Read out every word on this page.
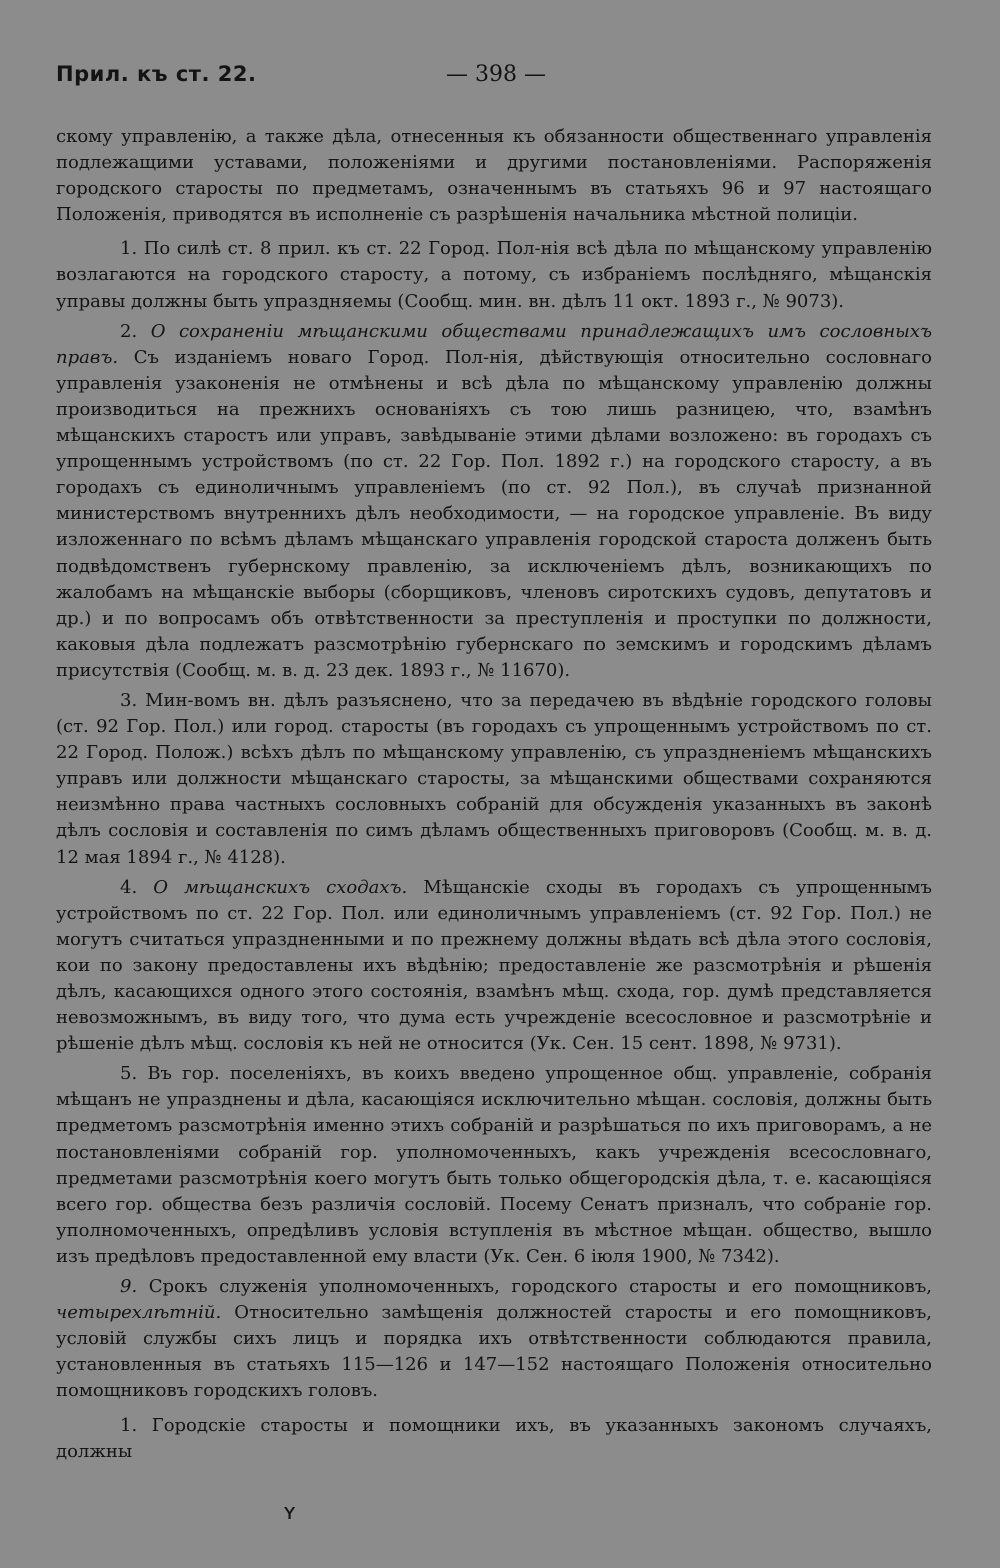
Прил. къ ст. 22.	— 398 —

скому управленію, а также дѣла, отнесенныя къ обязанности общественнаго управленія подлежащими уставами, положеніями и другими постановленіями. Распоряженія городского старосты по предметамъ, означеннымъ въ статьяхъ 96 и 97 настоящаго Положенія, приводятся въ исполненіе съ разрѣшенія начальника мѣстной полиціи.

1. По силѣ ст. 8 прил. къ ст. 22 Город. Пол-нія всѣ дѣла по мѣщанскому управленію возлагаются на городского старосту, а потому, съ избраніемъ послѣдняго, мѣщанскія управы должны быть упраздняемы (Сообщ. мин. вн. дѣлъ 11 окт. 1893 г., № 9073).

2. О сохраненіи мѣщанскими обществами принадлежащихъ имъ сословныхъ правъ. Съ изданіемъ новаго Город. Пол-нія, дѣйствующія относительно сословнаго управленія узаконенія не отмѣнены и всѣ дѣла по мѣщанскому управленію должны производиться на прежнихъ основаніяхъ съ тою лишь разницею, что, взамѣнъ мѣщанскихъ старостъ или управъ, завѣдываніе этими дѣлами возложено: въ городахъ съ упрощеннымъ устройствомъ (по ст. 22 Гор. Пол. 1892 г.) на городского старосту, а въ городахъ съ единоличнымъ управленіемъ (по ст. 92 Пол.), въ случаѣ признанной министерствомъ внутреннихъ дѣлъ необходимости, — на городское управленіе. Въ виду изложеннаго по всѣмъ дѣламъ мѣщанскаго управленія городской староста долженъ быть подвѣдомственъ губернскому правленію, за исключеніемъ дѣлъ, возникающихъ по жалобамъ на мѣщанскіе выборы (сборщиковъ, членовъ сиротскихъ судовъ, депутатовъ и др.) и по вопросамъ объ отвѣтственности за преступленія и проступки по должности, каковыя дѣла подлежатъ разсмотрѣнію губернскаго по земскимъ и городскимъ дѣламъ присутствія (Сообщ. м. в. д. 23 дек. 1893 г., № 11670).

3. Мин-вомъ вн. дѣлъ разъяснено, что за передачею въ вѣдѣніе городского головы (ст. 92 Гор. Пол.) или город. старосты (въ городахъ съ упрощеннымъ устройствомъ по ст. 22 Город. Полож.) всѣхъ дѣлъ по мѣщанскому управленію, съ упраздненіемъ мѣщанскихъ управъ или должности мѣщанскаго старосты, за мѣщанскими обществами сохраняются неизмѣнно права частныхъ сословныхъ собраній для обсужденія указанныхъ въ законѣ дѣлъ сословія и составленія по симъ дѣламъ общественныхъ приговоровъ (Сообщ. м. в. д. 12 мая 1894 г., № 4128).

4. О мѣщанскихъ сходахъ. Мѣщанскіе сходы въ городахъ съ упрощеннымъ устройствомъ по ст. 22 Гор. Пол. или единоличнымъ управленіемъ (ст. 92 Гор. Пол.) не могутъ считаться упраздненными и по прежнему должны вѣдать всѣ дѣла этого сословія, кои по закону предоставлены ихъ вѣдѣнію; предоставленіе же разсмотрѣнія и рѣшенія дѣлъ, касающихся одного этого состоянія, взамѣнъ мѣщ. схода, гор. думѣ представляется невозможнымъ, въ виду того, что дума есть учрежденіе всесословное и разсмотрѣніе и рѣшеніе дѣлъ мѣщ. сословія къ ней не относится (Ук. Сен. 15 сент. 1898, № 9731).

5. Въ гор. поселеніяхъ, въ коихъ введено упрощенное общ. управленіе, собранія мѣщанъ не упразднены и дѣла, касающіяся исключительно мѣщан. сословія, должны быть предметомъ разсмотрѣнія именно этихъ собраній и разрѣшаться по ихъ приговорамъ, а не постановленіями собраній гор. уполномоченныхъ, какъ учрежденія всесословнаго, предметами разсмотрѣнія коего могутъ быть только общегородскія дѣла, т. е. касающіяся всего гор. общества безъ различія сословій. Посему Сенатъ призналъ, что собраніе гор. уполномоченныхъ, опредѣливъ условія вступленія въ мѣстное мѣщан. общество, вышло изъ предѣловъ предоставленной ему власти (Ук. Сен. 6 іюля 1900, № 7342).

9. Срокъ служенія уполномоченныхъ, городского старосты и его помощниковъ, четырехлѣтній. Относительно замѣщенія должностей старосты и его помощниковъ, условій службы сихъ лицъ и порядка ихъ отвѣтственности соблюдаются правила, установленныя въ статьяхъ 115—126 и 147—152 настоящаго Положенія относительно помощниковъ городскихъ головъ.

1. Городскіе старосты и помощники ихъ, въ указанныхъ закономъ случаяхъ, должны

ʏ
